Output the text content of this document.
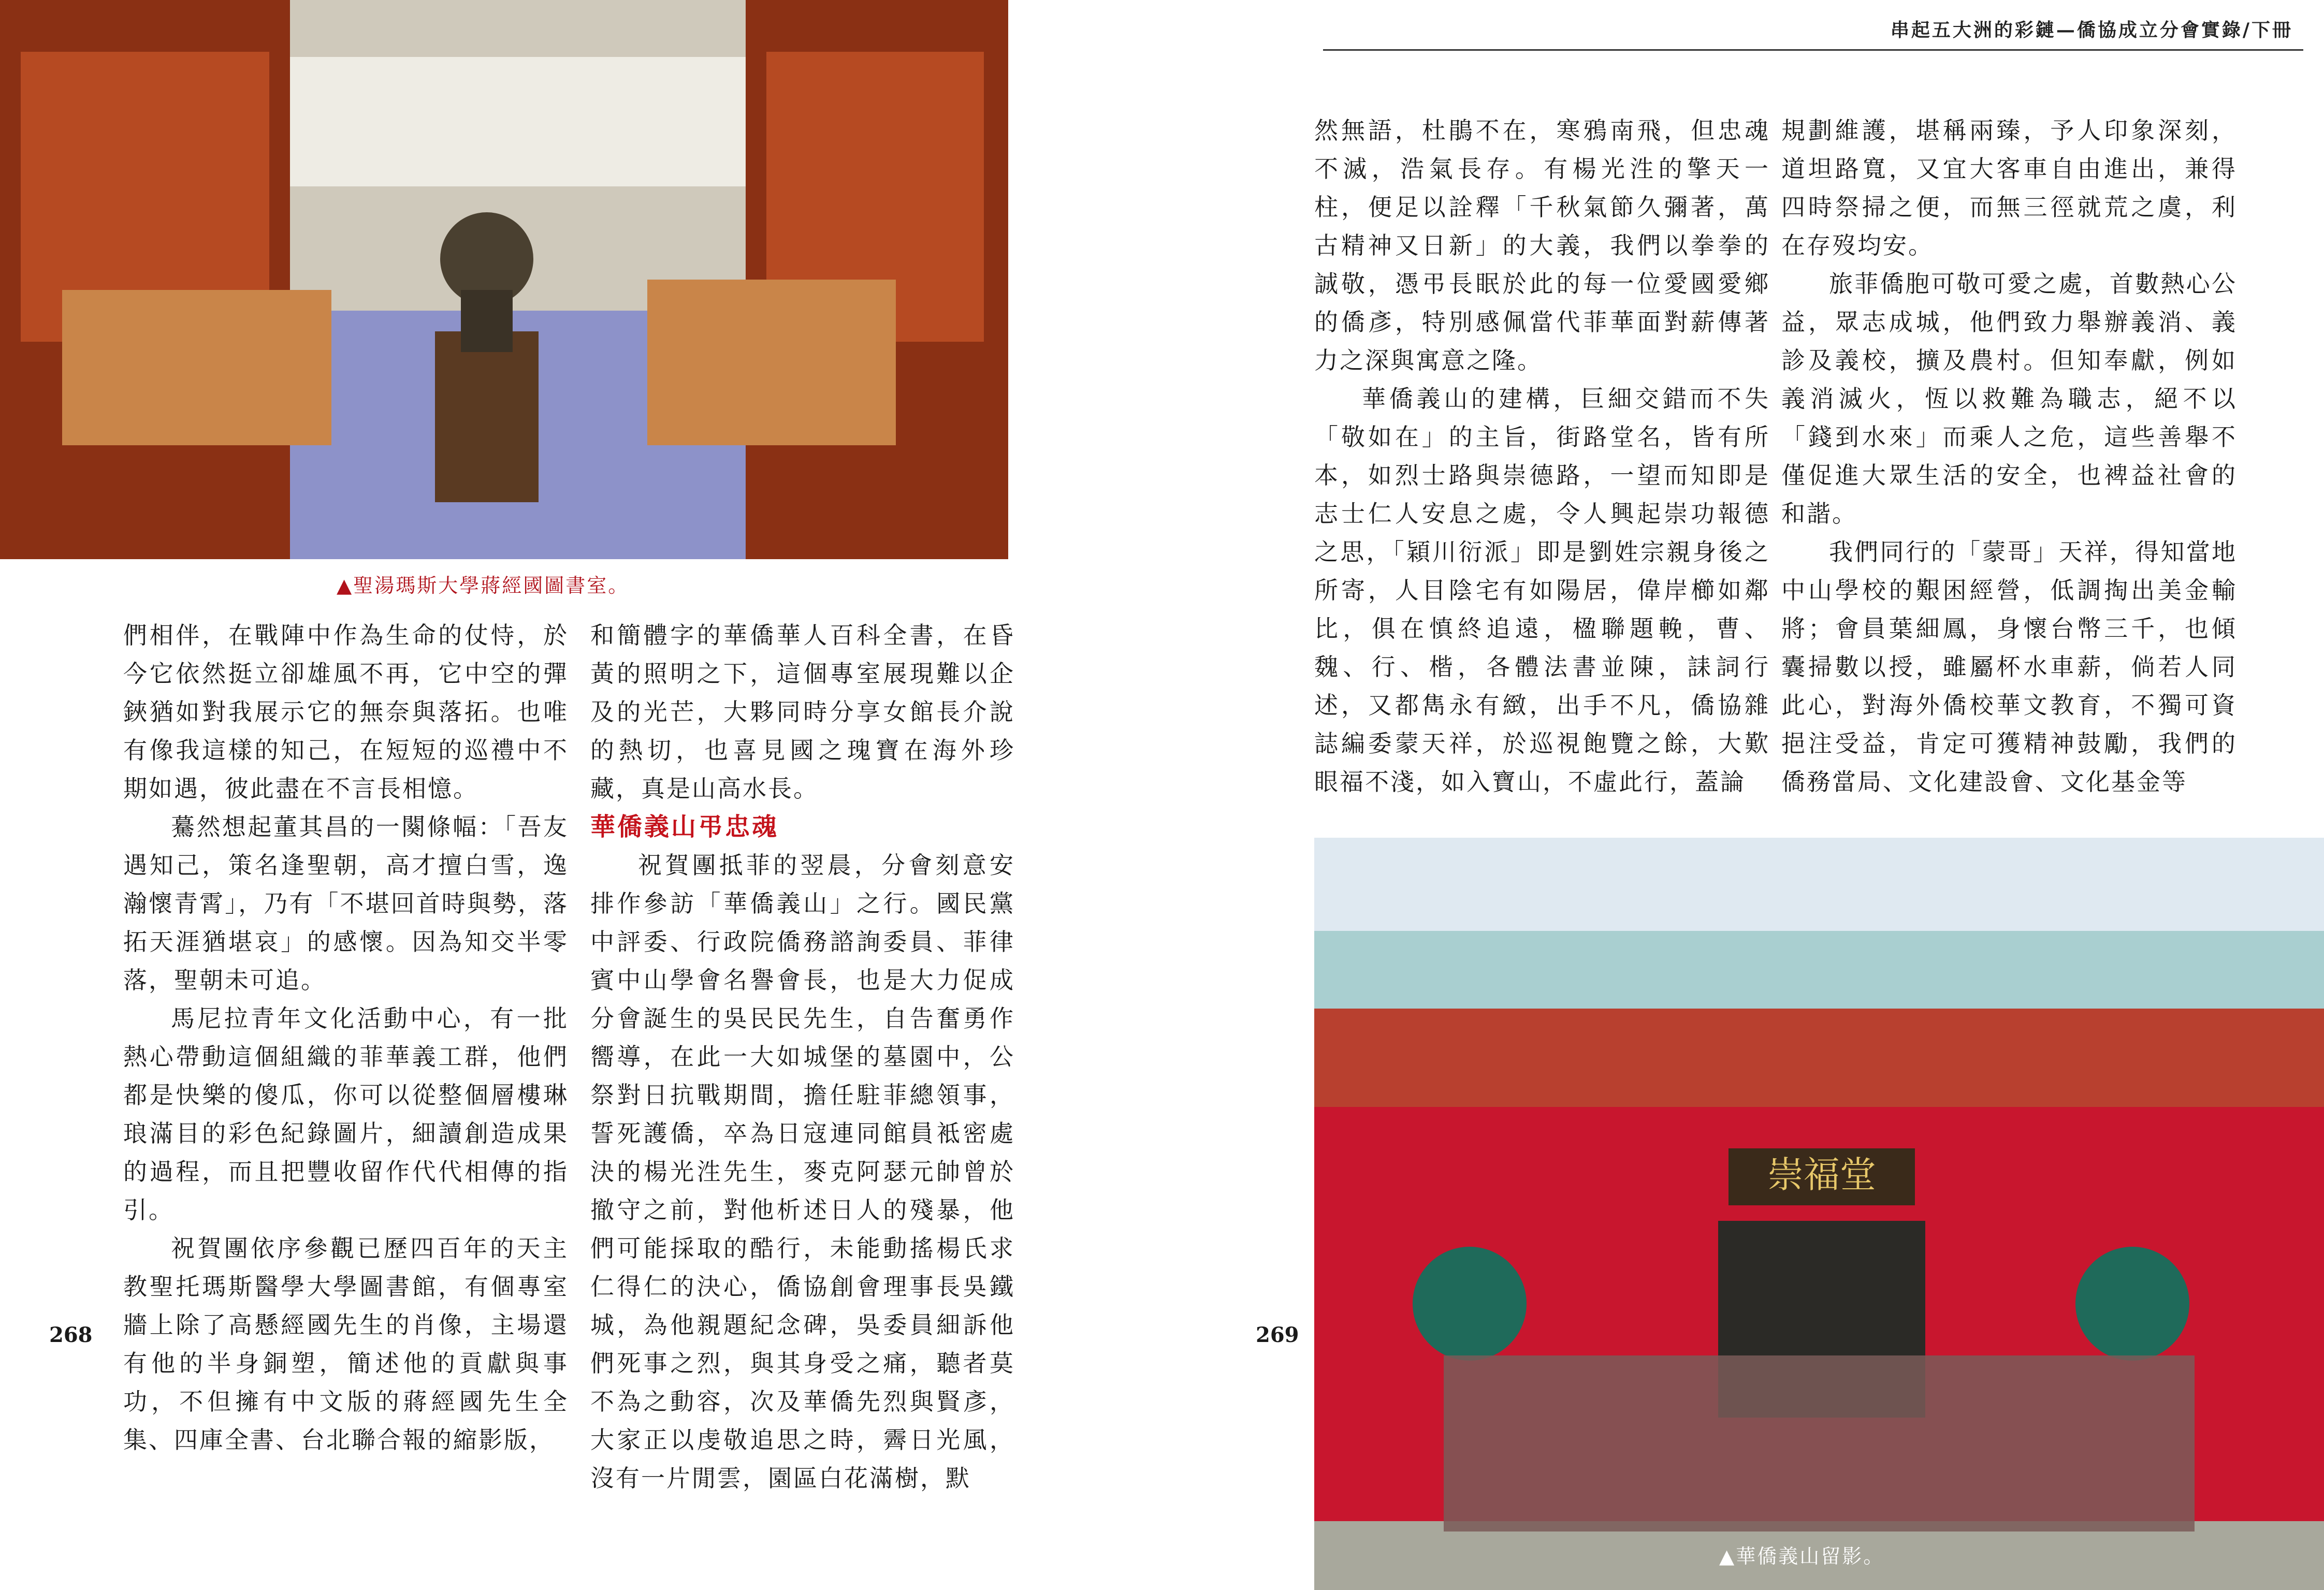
串起五大洲的彩鏈—僑協成立分會實錄/下冊
▲聖湯瑪斯大學蔣經國圖書室。
崇福堂
▲華僑義山留影。

們相伴，在戰陣中作為生命的仗恃，於今它依然挺立卻雄風不再，它中空的彈鋏猶如對我展示它的無奈與落拓。也唯有像我這樣的知己，在短短的巡禮中不期如遇，彼此盡在不言長相憶。

驀然想起董其昌的一闋條幅：「吾友遇知己，策名逢聖朝，高才擅白雪，逸瀚懷青霄」，乃有「不堪回首時與勢，落拓天涯猶堪哀」的感懷。因為知交半零落，聖朝未可追。

馬尼拉青年文化活動中心，有一批熱心帶動這個組織的菲華義工群，他們都是快樂的傻瓜，你可以從整個層樓琳琅滿目的彩色紀錄圖片，細讀創造成果的過程，而且把豐收留作代代相傳的指引。

祝賀團依序參觀已歷四百年的天主教聖托瑪斯醫學大學圖書館，有個專室牆上除了高懸經國先生的肖像，主場還有他的半身銅塑，簡述他的貢獻與事功，不但擁有中文版的蔣經國先生全集、四庫全書、台北聯合報的縮影版，

和簡體字的華僑華人百科全書，在昏黃的照明之下，這個專室展現難以企及的光芒，大夥同時分享女館長介說的熱切，也喜見國之瑰寶在海外珍藏，真是山高水長。

華僑義山弔忠魂

祝賀團抵菲的翌晨，分會刻意安排作參訪「華僑義山」之行。國民黨中評委、行政院僑務諮詢委員、菲律賓中山學會名譽會長，也是大力促成分會誕生的吳民民先生，自告奮勇作嚮導，在此一大如城堡的墓園中，公祭對日抗戰期間，擔任駐菲總領事，誓死護僑，卒為日寇連同館員袛密處決的楊光泩先生，麥克阿瑟元帥曾於撤守之前，對他析述日人的殘暴，他們可能採取的酷行，未能動搖楊氏求仁得仁的決心，僑協創會理事長吳鐵城，為他親題紀念碑，吳委員細訴他們死事之烈，與其身受之痛，聽者莫不為之動容，次及華僑先烈與賢彥，大家正以虔敬追思之時，霽日光風，沒有一片閒雲，園區白花滿樹，默

然無語，杜鵑不在，寒鴉南飛，但忠魂不滅，浩氣長存。有楊光泩的擎天一柱，便足以詮釋「千秋氣節久彌著，萬古精神又日新」的大義，我們以拳拳的誠敬，憑弔長眠於此的每一位愛國愛鄉的僑彥，特別感佩當代菲華面對薪傳著力之深與寓意之隆。

華僑義山的建構，巨細交錯而不失「敬如在」的主旨，街路堂名，皆有所本，如烈士路與崇德路，一望而知即是志士仁人安息之處，令人興起崇功報德之思，「穎川衍派」即是劉姓宗親身後之所寄，人目陰宅有如陽居，偉岸櫛如鄰比，俱在慎終追遠，楹聯題輓，曹、魏、行、楷，各體法書並陳，誄詞行述，又都雋永有緻，出手不凡，僑協雜誌編委蒙天祥，於巡視飽覽之餘，大歎眼福不淺，如入寶山，不虛此行，蓋論

規劃維護，堪稱兩臻，予人印象深刻，道坦路寬，又宜大客車自由進出，兼得四時祭掃之便，而無三徑就荒之虞，利在存歿均安。

旅菲僑胞可敬可愛之處，首數熱心公益，眾志成城，他們致力舉辦義消、義診及義校，擴及農村。但知奉獻，例如義消滅火，恆以救難為職志，絕不以「錢到水來」而乘人之危，這些善舉不僅促進大眾生活的安全，也裨益社會的和諧。

我們同行的「蒙哥」天祥，得知當地中山學校的艱困經營，低調掏出美金輸將；會員葉細鳳，身懷台幣三千，也傾囊掃數以授，雖屬杯水車薪，倘若人同此心，對海外僑校華文教育，不獨可資挹注受益，肯定可獲精神鼓勵，我們的僑務當局、文化建設會、文化基金等

268	269
